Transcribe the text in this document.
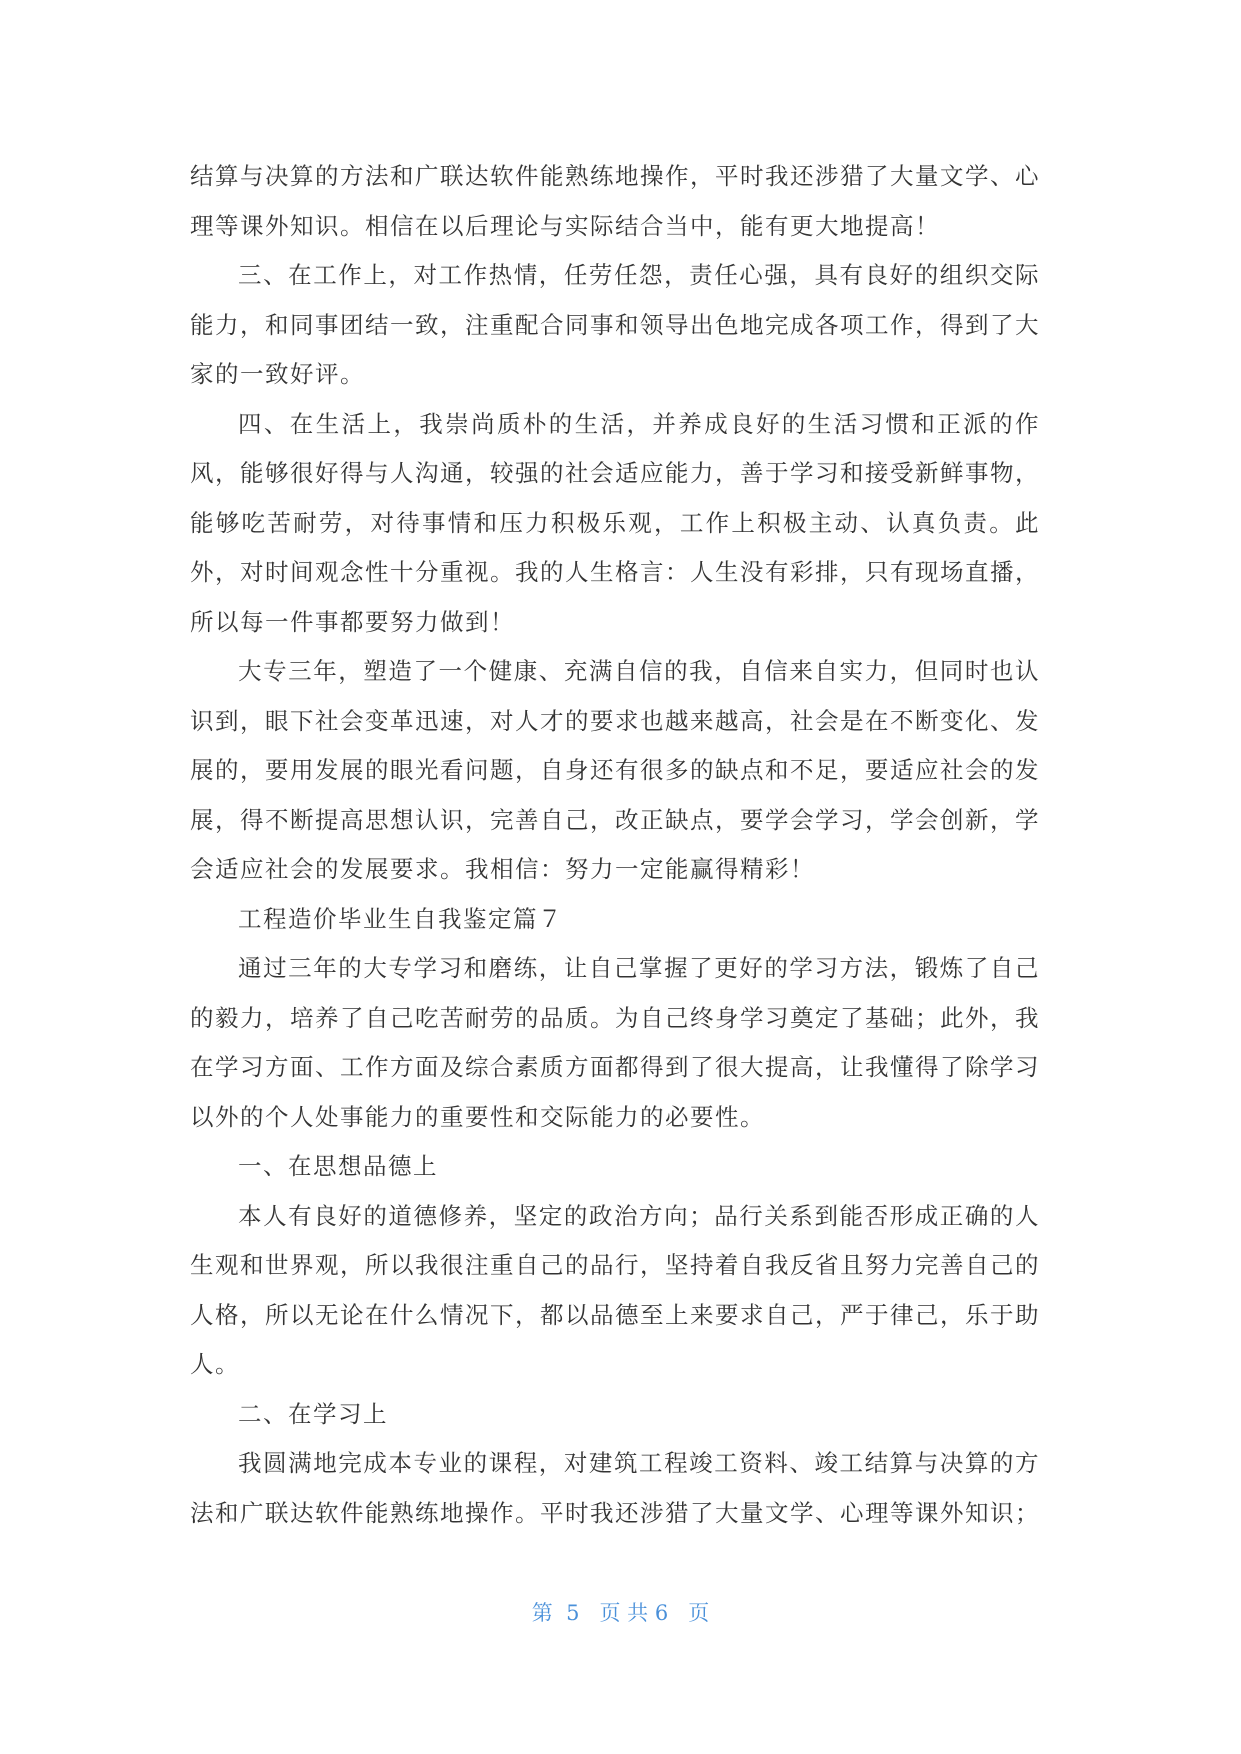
结算与决算的方法和广联达软件能熟练地操作，平时我还涉猎了大量文学、心理等课外知识。相信在以后理论与实际结合当中，能有更大地提高！

三、在工作上，对工作热情，任劳任怨，责任心强，具有良好的组织交际能力，和同事团结一致，注重配合同事和领导出色地完成各项工作，得到了大家的一致好评。

四、在生活上，我崇尚质朴的生活，并养成良好的生活习惯和正派的作风，能够很好得与人沟通，较强的社会适应能力，善于学习和接受新鲜事物，能够吃苦耐劳，对待事情和压力积极乐观，工作上积极主动、认真负责。此外，对时间观念性十分重视。我的人生格言：人生没有彩排，只有现场直播，所以每一件事都要努力做到！

大专三年，塑造了一个健康、充满自信的我，自信来自实力，但同时也认识到，眼下社会变革迅速，对人才的要求也越来越高，社会是在不断变化、发展的，要用发展的眼光看问题，自身还有很多的缺点和不足，要适应社会的发展，得不断提高思想认识，完善自己，改正缺点，要学会学习，学会创新，学会适应社会的发展要求。我相信：努力一定能赢得精彩！

工程造价毕业生自我鉴定篇７

通过三年的大专学习和磨练，让自己掌握了更好的学习方法，锻炼了自己的毅力，培养了自己吃苦耐劳的品质。为自己终身学习奠定了基础；此外，我在学习方面、工作方面及综合素质方面都得到了很大提高，让我懂得了除学习以外的个人处事能力的重要性和交际能力的必要性。

一、在思想品德上

本人有良好的道德修养，坚定的政治方向；品行关系到能否形成正确的人生观和世界观，所以我很注重自己的品行，坚持着自我反省且努力完善自己的人格，所以无论在什么情况下，都以品德至上来要求自己，严于律己，乐于助人。

二、在学习上

我圆满地完成本专业的课程，对建筑工程竣工资料、竣工结算与决算的方法和广联达软件能熟练地操作。平时我还涉猎了大量文学、心理等课外知识；

第  5   页 共 6   页
